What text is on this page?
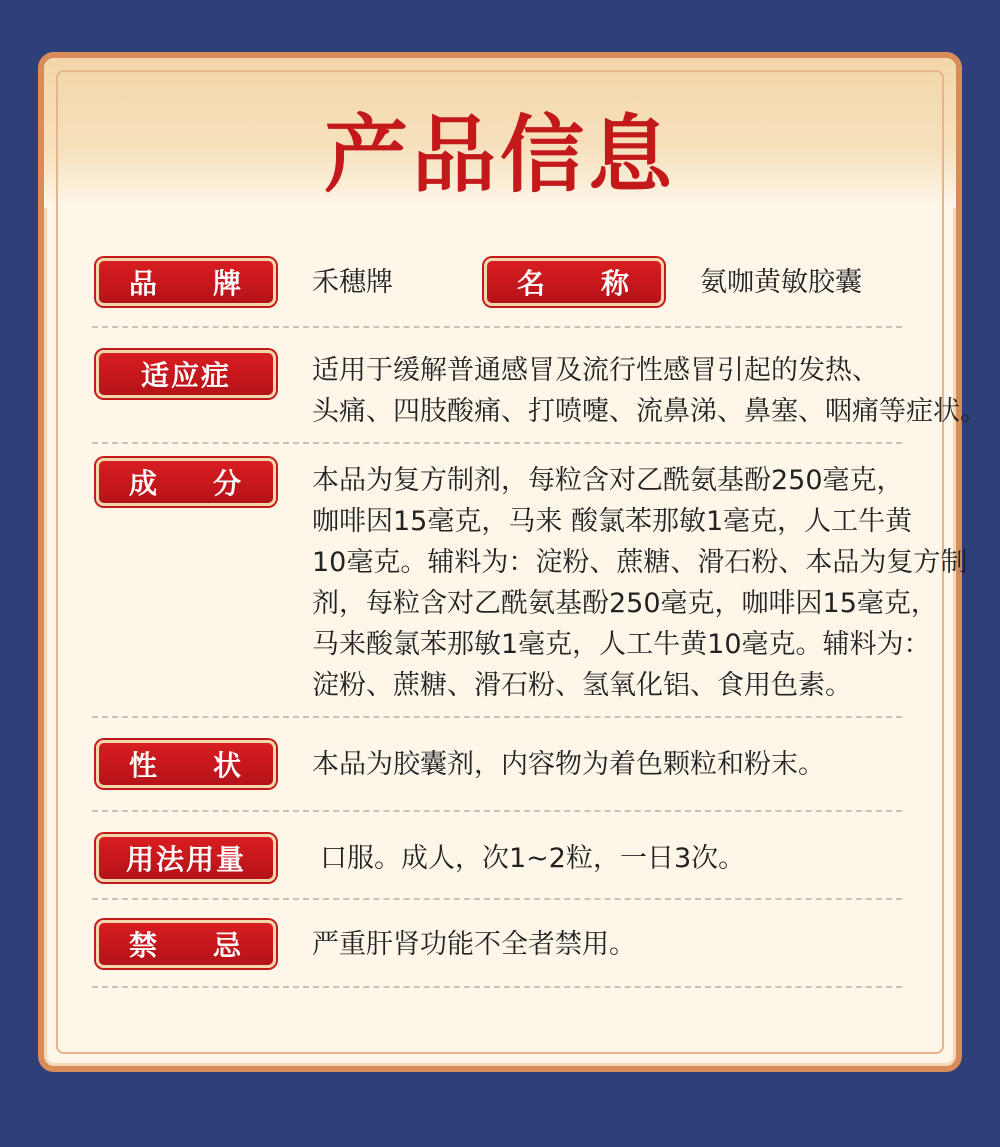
产品信息
品 牌	禾穗牌	名 称	氨咖黄敏胶囊
适应症	适用于缓解普通感冒及流行性感冒引起的发热、
头痛、四肢酸痛、打喷嚏、流鼻涕、鼻塞、咽痛等症状。
成 分	本品为复方制剂，每粒含对乙酰氨基酚250毫克，
咖啡因15毫克，马来 酸氯苯那敏1毫克，人工牛黄
10毫克。辅料为：淀粉、蔗糖、滑石粉、本品为复方制
剂，每粒含对乙酰氨基酚250毫克，咖啡因15毫克，
马来酸氯苯那敏1毫克，人工牛黄10毫克。辅料为：
淀粉、蔗糖、滑石粉、氢氧化铝、食用色素。
性 状	本品为胶囊剂，内容物为着色颗粒和粉末。
用法用量	口服。成人，次1~2粒，一日3次。
禁 忌	严重肝肾功能不全者禁用。
